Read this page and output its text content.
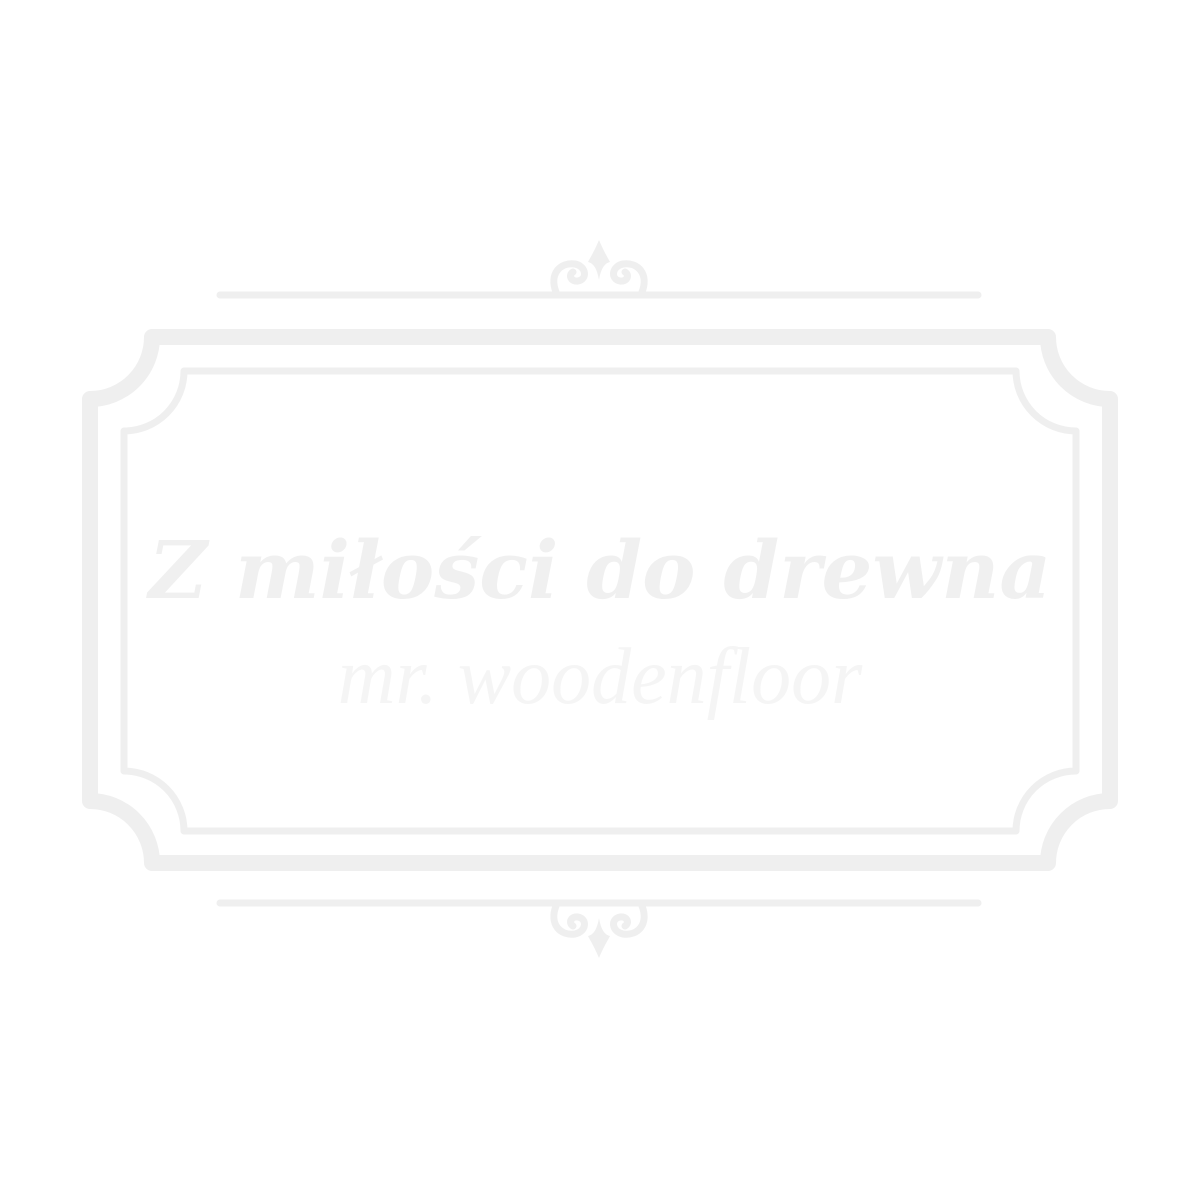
Z miłości do drewna
mr. woodenfloor
